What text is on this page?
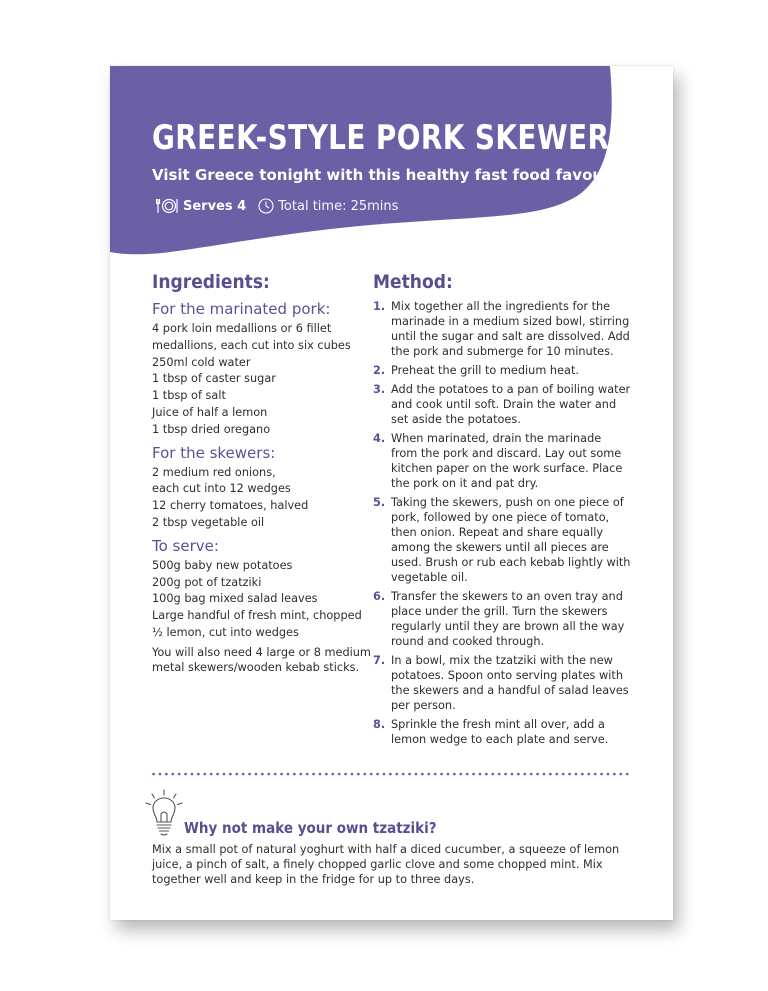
GREEK-STYLE PORK SKEWERS

Visit Greece tonight with this healthy fast food favourite

Serves 4 Total time: 25mins
Ingredients:
For the marinated pork:
4 pork loin medallions or 6 fillet
medallions, each cut into six cubes
250ml cold water
1 tbsp of caster sugar
1 tbsp of salt
Juice of half a lemon
1 tbsp dried oregano
For the skewers:
2 medium red onions,
each cut into 12 wedges
12 cherry tomatoes, halved
2 tbsp vegetable oil
To serve:
500g baby new potatoes
200g pot of tzatziki
100g bag mixed salad leaves
Large handful of fresh mint, chopped
½ lemon, cut into wedges

You will also need 4 large or 8 medium metal skewers/wooden kebab sticks.

Method:
1. Mix together all the ingredients for the marinade in a medium sized bowl, stirring until the sugar and salt are dissolved. Add the pork and submerge for 10 minutes.
2. Preheat the grill to medium heat.
3. Add the potatoes to a pan of boiling water and cook until soft. Drain the water and set aside the potatoes.
4. When marinated, drain the marinade from the pork and discard. Lay out some kitchen paper on the work surface. Place the pork on it and pat dry.
5. Taking the skewers, push on one piece of pork, followed by one piece of tomato, then onion. Repeat and share equally among the skewers until all pieces are used. Brush or rub each kebab lightly with vegetable oil.
6. Transfer the skewers to an oven tray and place under the grill. Turn the skewers regularly until they are brown all the way round and cooked through.
7. In a bowl, mix the tzatziki with the new potatoes. Spoon onto serving plates with the skewers and a handful of salad leaves per person.
8. Sprinkle the fresh mint all over, add a lemon wedge to each plate and serve.
Why not make your own tzatziki?

Mix a small pot of natural yoghurt with half a diced cucumber, a squeeze of lemon juice, a pinch of salt, a finely chopped garlic clove and some chopped mint. Mix together well and keep in the fridge for up to three days.
